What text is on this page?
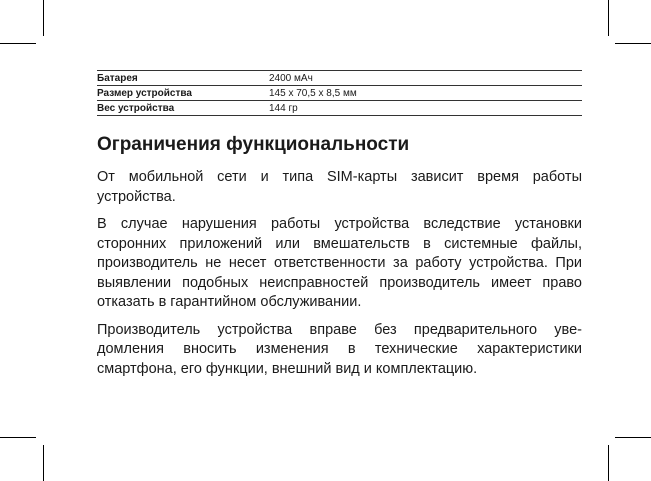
Батарея	2400 мАч
Размер устройства	145 х 70,5 х 8,5 мм
Вес устройства	144 гр
Ограничения функциональности

От мобильной сети и типа SIM-карты зависит время работы устройства.

В случае нарушения работы устройства вследствие установки сторонних приложений или вмешательств в системные файлы, производитель не несет ответственности за работу устройства. При выявлении подобных неисправностей производитель имеет право отказать в гарантийном обслуживании.

Производитель устройства вправе без предварительного уве-домления вносить изменения в технические характеристики смартфона, его функции, внешний вид и комплектацию.
